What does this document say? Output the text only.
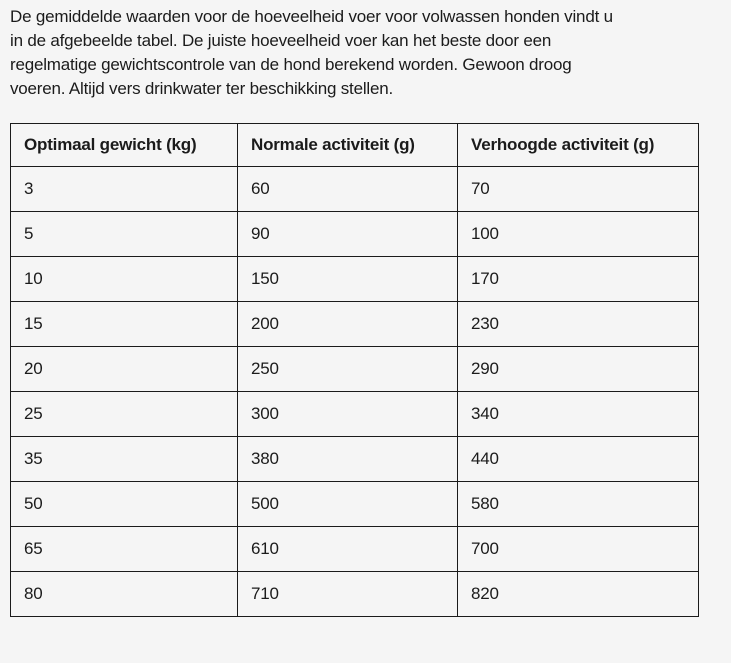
De gemiddelde waarden voor de hoeveelheid voer voor volwassen honden vindt u
in de afgebeelde tabel. De juiste hoeveelheid voer kan het beste door een
regelmatige gewichtscontrole van de hond berekend worden. Gewoon droog
voeren. Altijd vers drinkwater ter beschikking stellen.
Optimaal gewicht (kg)	Normale activiteit (g)	Verhoogde activiteit (g)
3	60	70
5	90	100
10	150	170
15	200	230
20	250	290
25	300	340
35	380	440
50	500	580
65	610	700
80	710	820
